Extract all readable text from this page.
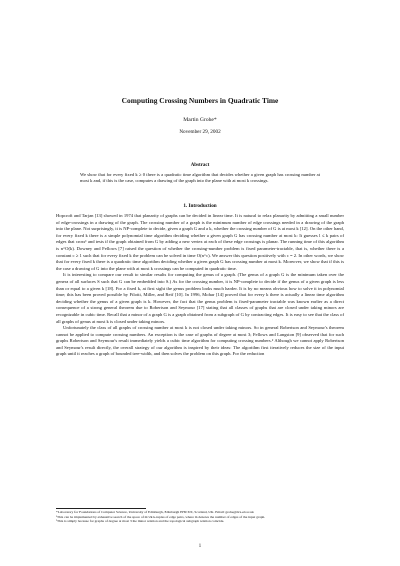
Computing Crossing Numbers in Quadratic Time
Martin Grohe*
November 29, 2002
Abstract
We show that for every fixed k ≥ 0 there is a quadratic time algorithm that decides whether a given graph has crossing number at most k and, if this is the case, computes a drawing of the graph into the plane with at most k crossings.
1. Introduction

Hopcroft and Tarjan [13] showed in 1974 that planarity of graphs can be decided in linear time. It is natural to relax planarity by admitting a small number of edge-crossings in a drawing of the graph. The crossing number of a graph is the minimum number of edge crossings needed in a drawing of the graph into the plane. Not surprisingly, it is NP-complete to decide, given a graph G and a k, whether the crossing number of G is at most k [12]. On the other hand, for every fixed k there is a simple polynomial time algorithm deciding whether a given graph G has crossing number at most k: It guesses l ≤ k pairs of edges that cross¹ and tests if the graph obtained from G by adding a new vertex at each of these edge crossings is planar. The running time of this algorithm is n^O(k). Downey and Fellows [7] raised the question of whether the crossing-number problem is fixed parameter-tractable, that is, whether there is a constant c ≥ 1 such that for every fixed k the problem can be solved in time O(n^c). We answer this question positively with c = 2. In other words, we show that for every fixed k there is a quadratic time algorithm deciding whether a given graph G has crossing number at most k. Moreover, we show that if this is the case a drawing of G into the plane with at most k crossings can be computed in quadratic time.

It is interesting to compare our result to similar results for computing the genus of a graph. (The genus of a graph G is the minimum taken over the genera of all surfaces S such that G can be embedded into S.) As for the crossing number, it is NP-complete to decide if the genus of a given graph is less than or equal to a given k [18]. For a fixed k, at first sight the genus problem looks much harder. It is by no means obvious how to solve it in polynomial time; this has been proved possible by Filotti, Miller, and Reif [10]. In 1996, Mohar [14] proved that for every k there is actually a linear time algorithm deciding whether the genus of a given graph is k. However, the fact that the genus problem is fixed-parameter tractable was known earlier as a direct consequence of a strong general theorem due to Robertson and Seymour [17] stating that all classes of graphs that are closed under taking minors are recognizable in cubic time. Recall that a minor of a graph G is a graph obtained from a subgraph of G by contracting edges. It is easy to see that the class of all graphs of genus at most k is closed under taking minors.

Unfortunately the class of all graphs of crossing number at most k is not closed under taking minors. So in general Robertson and Seymour's theorem cannot be applied to compute crossing numbers. An exception is the case of graphs of degree at most 3; Fellows and Langston [9] observed that for such graphs Robertson and Seymour's result immediately yields a cubic time algorithm for computing crossing numbers.² Although we cannot apply Robertson and Seymour's result directly, the overall strategy of our algorithm is inspired by their ideas: The algorithm first iteratively reduces the size of the input graph until it reaches a graph of bounded tree-width, and then solves the problem on this graph. For the reduction

*Laboratory for Foundations of Computer Science, University of Edinburgh, Edinburgh EH9 3JZ, Scotland, UK. Email: grohe@dcs.ed.ac.uk

¹This can be implemented by exhaustive search of the space of m^2k k-tuples of edge pairs, where m denotes the number of edges of the input graph.

²This is simply because for graphs of degree at most 3 the minor relation and the topological subgraph relation coincide.

1
